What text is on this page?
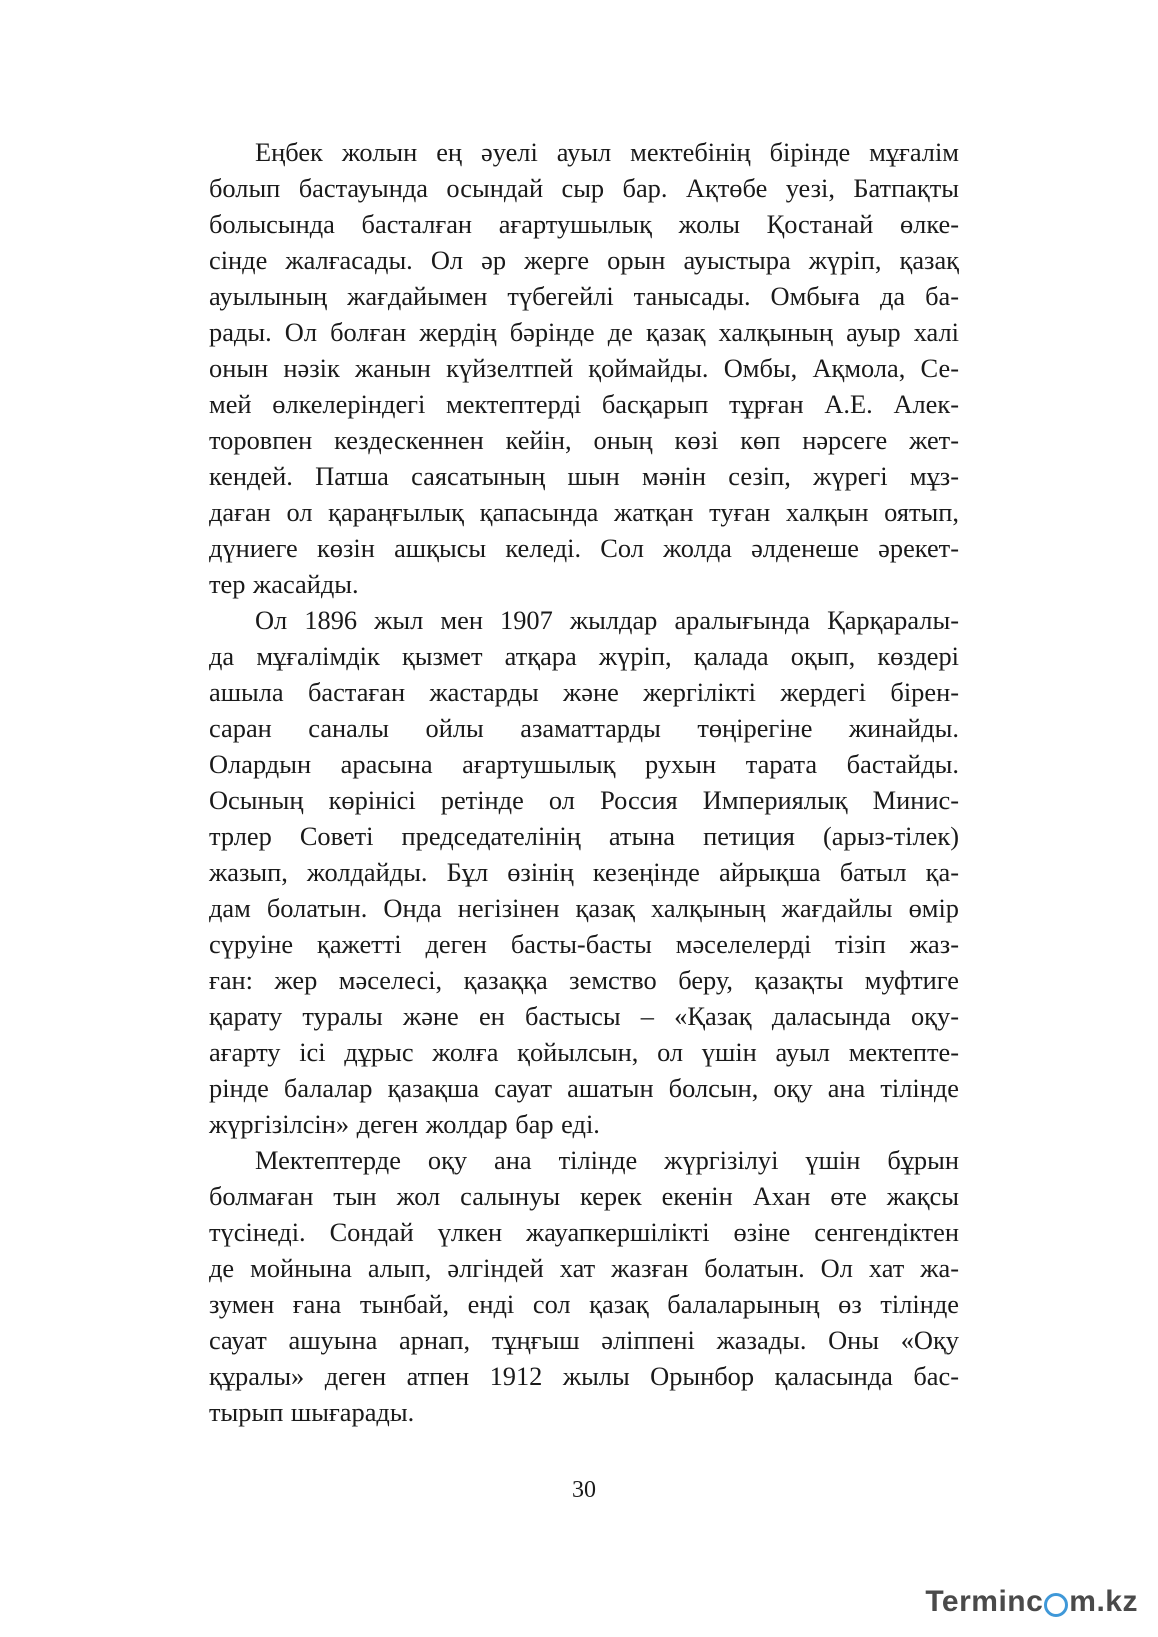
Еңбек жолын ең әуелі ауыл мектебінің бірінде мұғалім
болып бастауында осындай сыр бар. Ақтөбе уезі, Батпақты
болысында басталған ағартушылық жолы Қостанай өлке-
сінде жалғасады. Ол әр жерге орын ауыстыра жүріп, қазақ
ауылының жағдайымен түбегейлі танысады. Омбыға да ба-
рады. Ол болған жердің бәрінде де қазақ халқының ауыр халі
онын нәзік жанын күйзелтпей қоймайды. Омбы, Ақмола, Се-
мей өлкелеріндегі мектептерді басқарып тұрған А.Е. Алек-
торовпен кездескеннен кейін, оның көзі көп нәрсеге жет-
кендей. Патша саясатының шын мәнін сезіп, жүрегі мұз-
даған ол қараңғылық қапасында жатқан туған халқын оятып,
дүниеге көзін ашқысы келеді. Сол жолда әлденеше әрекет-
тер жасайды.

Ол 1896 жыл мен 1907 жылдар аралығында Қарқаралы-
да мұғалімдік қызмет атқара жүріп, қалада оқып, көздері
ашыла бастаған жастарды және жергілікті жердегі бірен-
саран саналы ойлы азаматтарды төңірегіне жинайды.
Олардын арасына ағартушылық рухын тарата бастайды.
Осының көрінісі ретінде ол Россия Империялық Минис-
трлер Советі председателінің атына петиция (арыз-тілек)
жазып, жолдайды. Бұл өзінің кезеңінде айрықша батыл қа-
дам болатын. Онда негізінен қазақ халқының жағдайлы өмір
сүруіне қажетті деген басты-басты мәселелерді тізіп жаз-
ған: жер мәселесі, қазаққа земство беру, қазақты муфтиге
қарату туралы және ен бастысы – «Қазақ даласында оқу-
ағарту ісі дұрыс жолға қойылсын, ол үшін ауыл мектепте-
рінде балалар қазақша сауат ашатын болсын, оқу ана тілінде
жүргізілсін» деген жолдар бар еді.

Мектептерде оқу ана тілінде жүргізілуі үшін бұрын
болмаған тын жол салынуы керек екенін Ахан өте жақсы
түсінеді. Сондай үлкен жауапкершілікті өзіне сенгендіктен
де мойнына алып, әлгіндей хат жазған болатын. Ол хат жа-
зумен ғана тынбай, енді сол қазақ балаларының өз тілінде
сауат ашуына арнап, тұңғыш әліппені жазады. Оны «Оқу
құралы» деген атпен 1912 жылы Орынбор қаласында бас-
тырып шығарады.

30
Terminc m.kz
